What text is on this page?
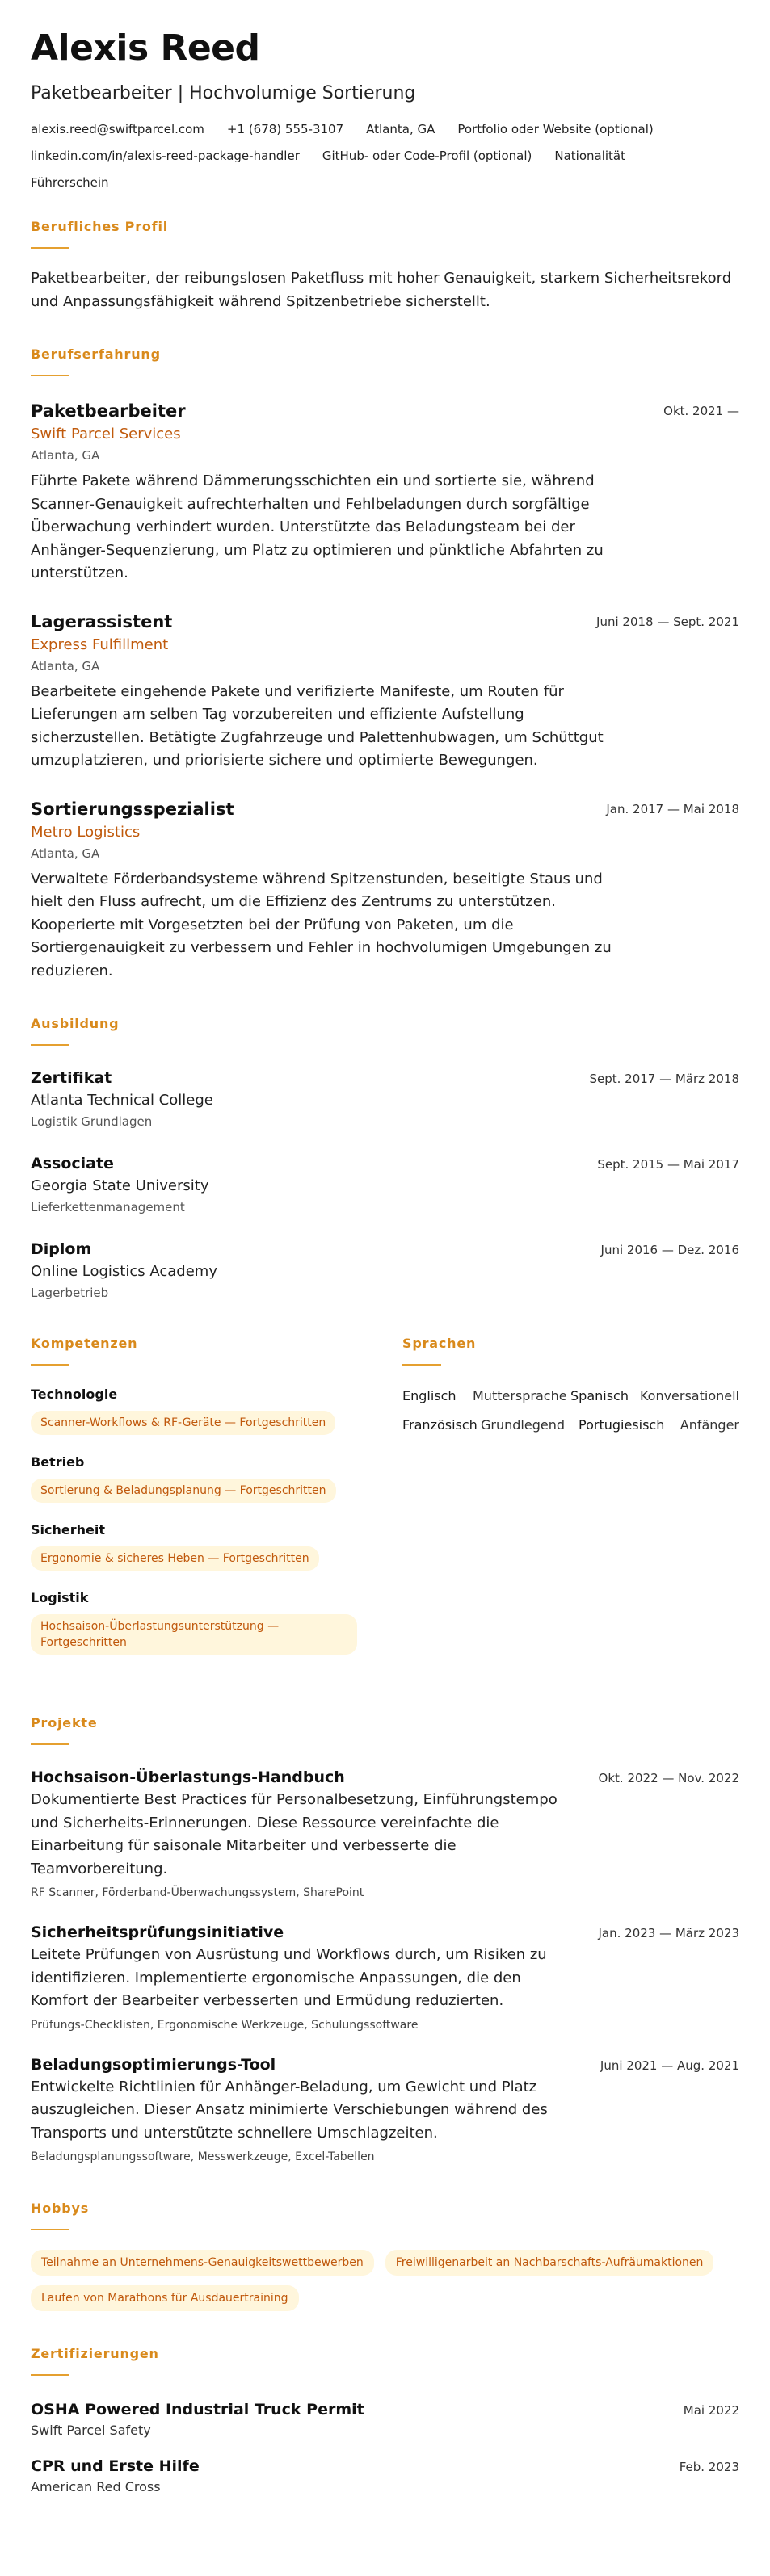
Alexis Reed
Paketbearbeiter | Hochvolumige Sortierung
alexis.reed@swiftparcel.com +1 (678) 555-3107 Atlanta, GA Portfolio oder Website (optional)
linkedin.com/in/alexis-reed-package-handler GitHub- oder Code-Profil (optional) Nationalität
Führerschein
Berufliches Profil
Paketbearbeiter, der reibungslosen Paketfluss mit hoher Genauigkeit, starkem Sicherheitsrekord und Anpassungsfähigkeit während Spitzenbetriebe sicherstellt.
Berufserfahrung
Paketbearbeiter	Okt. 2021 —
Swift Parcel Services
Atlanta, GA
Führte Pakete während Dämmerungsschichten ein und sortierte sie, während Scanner-Genauigkeit aufrechterhalten und Fehlbeladungen durch sorgfältige Überwachung verhindert wurden. Unterstützte das Beladungsteam bei der Anhänger-Sequenzierung, um Platz zu optimieren und pünktliche Abfahrten zu unterstützen.
Lagerassistent	Juni 2018 — Sept. 2021
Express Fulfillment
Atlanta, GA
Bearbeitete eingehende Pakete und verifizierte Manifeste, um Routen für Lieferungen am selben Tag vorzubereiten und effiziente Aufstellung sicherzustellen. Betätigte Zugfahrzeuge und Palettenhubwagen, um Schüttgut umzuplatzieren, und priorisierte sichere und optimierte Bewegungen.
Sortierungsspezialist	Jan. 2017 — Mai 2018
Metro Logistics
Atlanta, GA
Verwaltete Förderbandsysteme während Spitzenstunden, beseitigte Staus und hielt den Fluss aufrecht, um die Effizienz des Zentrums zu unterstützen. Kooperierte mit Vorgesetzten bei der Prüfung von Paketen, um die Sortiergenauigkeit zu verbessern und Fehler in hochvolumigen Umgebungen zu reduzieren.
Ausbildung
Zertifikat	Sept. 2017 — März 2018
Atlanta Technical College
Logistik Grundlagen
Associate	Sept. 2015 — Mai 2017
Georgia State University
Lieferkettenmanagement
Diplom	Juni 2016 — Dez. 2016
Online Logistics Academy
Lagerbetrieb
Kompetenzen
Technologie
Scanner-Workflows & RF-Geräte — Fortgeschritten
Betrieb
Sortierung & Beladungsplanung — Fortgeschritten
Sicherheit
Ergonomie & sicheres Heben — Fortgeschritten
Logistik
Hochsaison-Überlastungsunterstützung — Fortgeschritten
Sprachen
Englisch Muttersprache Spanisch Konversationell
Französisch Grundlegend Portugiesisch Anfänger
Projekte
Hochsaison-Überlastungs-Handbuch	Okt. 2022 — Nov. 2022
Dokumentierte Best Practices für Personalbesetzung, Einführungstempo und Sicherheits-Erinnerungen. Diese Ressource vereinfachte die Einarbeitung für saisonale Mitarbeiter und verbesserte die Teamvorbereitung.
RF Scanner, Förderband-Überwachungssystem, SharePoint
Sicherheitsprüfungsinitiative	Jan. 2023 — März 2023
Leitete Prüfungen von Ausrüstung und Workflows durch, um Risiken zu identifizieren. Implementierte ergonomische Anpassungen, die den Komfort der Bearbeiter verbesserten und Ermüdung reduzierten.
Prüfungs-Checklisten, Ergonomische Werkzeuge, Schulungssoftware
Beladungsoptimierungs-Tool	Juni 2021 — Aug. 2021
Entwickelte Richtlinien für Anhänger-Beladung, um Gewicht und Platz auszugleichen. Dieser Ansatz minimierte Verschiebungen während des Transports und unterstützte schnellere Umschlagzeiten.
Beladungsplanungssoftware, Messwerkzeuge, Excel-Tabellen
Hobbys
Teilnahme an Unternehmens-Genauigkeitswettbewerben	Freiwilligenarbeit an Nachbarschafts-Aufräumaktionen
Laufen von Marathons für Ausdauertraining
Zertifizierungen
OSHA Powered Industrial Truck Permit	Mai 2022
Swift Parcel Safety
CPR und Erste Hilfe	Feb. 2023
American Red Cross
